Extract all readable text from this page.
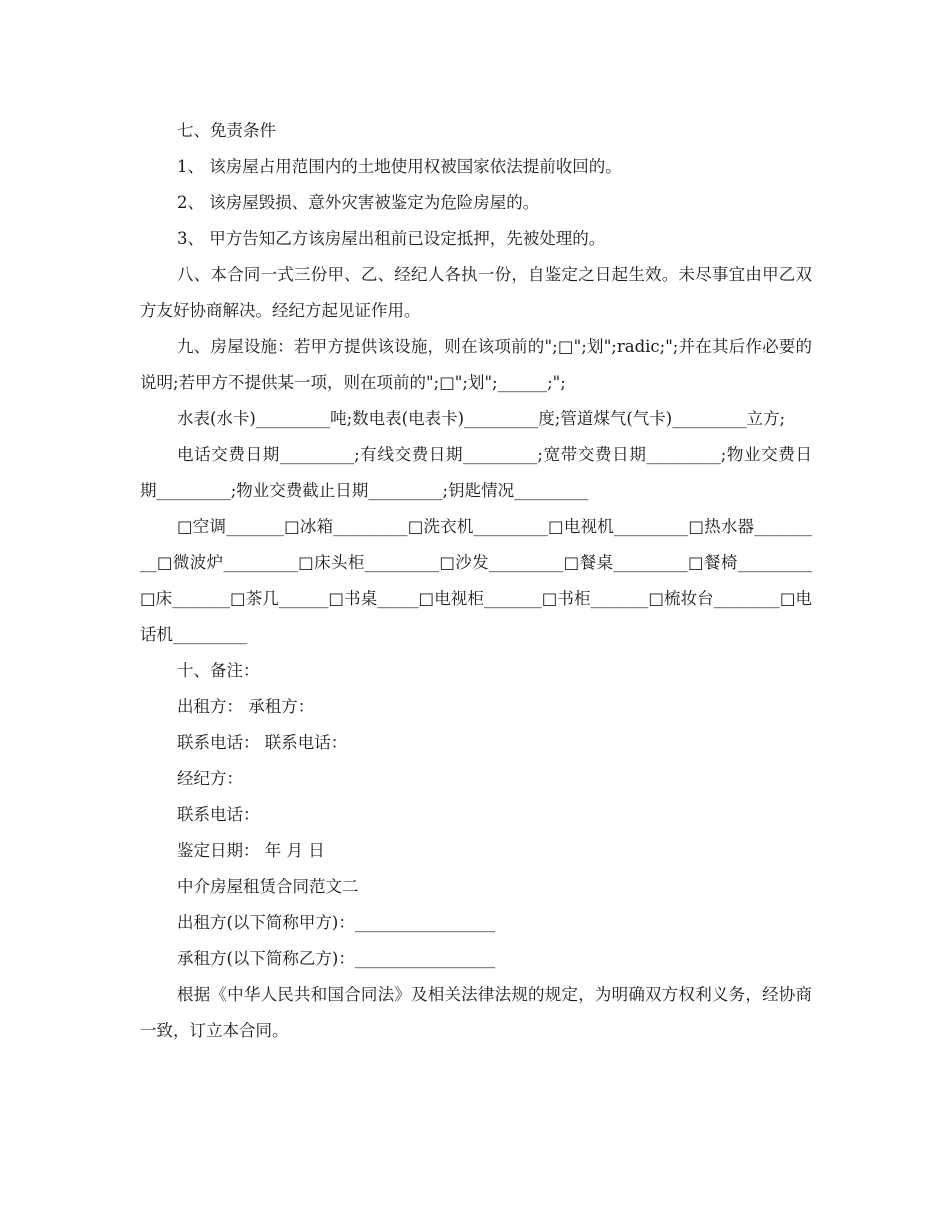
七、免责条件

1、 该房屋占用范围内的土地使用权被国家依法提前收回的。

2、 该房屋毁损、意外灾害被鉴定为危险房屋的。

3、 甲方告知乙方该房屋出租前已设定抵押，先被处理的。

八、本合同一式三份甲、乙、经纪人各执一份，自鉴定之日起生效。未尽事宜由甲乙双方友好协商解决。经纪方起见证作用。

九、房屋设施：若甲方提供该设施，则在该项前的";□";划";radic;";并在其后作必要的说明;若甲方不提供某一项，则在项前的";□";划";______;";

水表(水卡)_________吨;数电表(电表卡)_________度;管道煤气(气卡)_________立方;

电话交费日期_________;有线交费日期_________;宽带交费日期_________;物业交费日期_________;物业交费截止日期_________;钥匙情况_________

□空调_______□冰箱_________□洗衣机_________□电视机_________□热水器_________□微波炉_________□床头柜_________□沙发_________□餐桌_________□餐椅_________□床_______□茶几______□书桌_____□电视柜_______□书柜_______□梳妆台________□电话机_________

十、备注：

出租方： 承租方：

联系电话： 联系电话：

经纪方：

联系电话：

鉴定日期： 年 月 日

中介房屋租赁合同范文二

出租方(以下简称甲方)：_________________

承租方(以下简称乙方)：_________________

根据《中华人民共和国合同法》及相关法律法规的规定，为明确双方权利义务，经协商一致，订立本合同。
